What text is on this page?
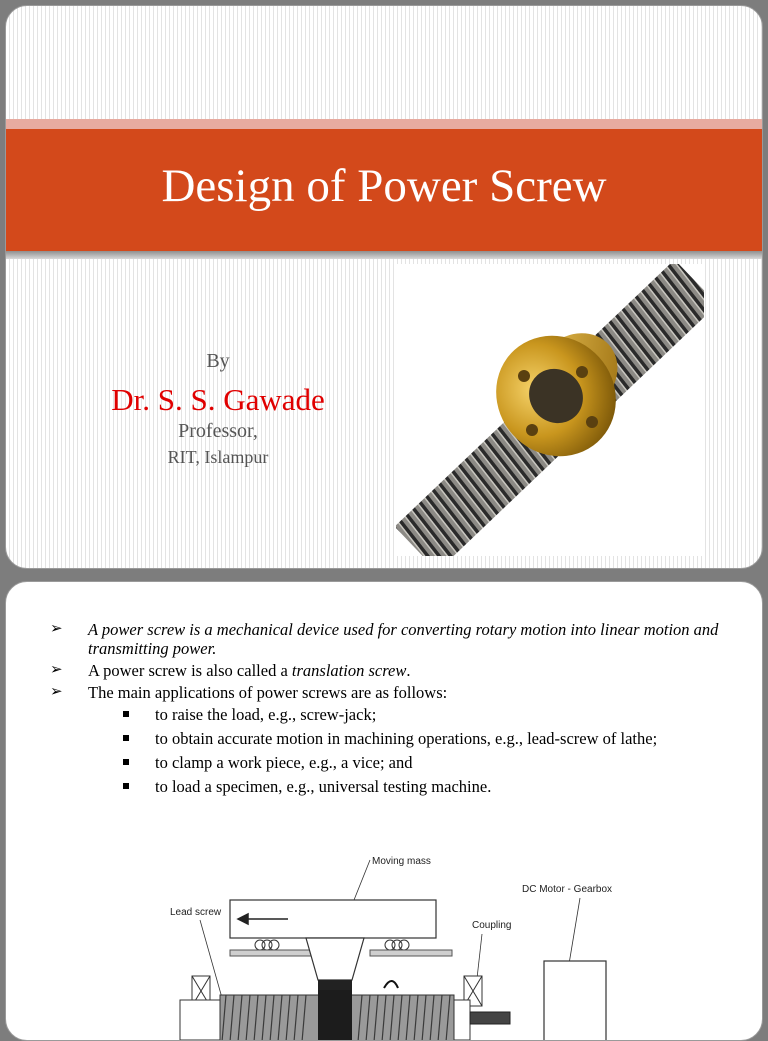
Design of Power Screw
By
Dr. S. S. Gawade
Professor,
RIT, Islampur
➢ A power screw is a mechanical device used for converting rotary motion into linear motion and transmitting power.
➢ A power screw is also called a translation screw.
➢ The main applications of power screws are as follows:
to raise the load, e.g., screw-jack;
to obtain accurate motion in machining operations, e.g., lead-screw of lathe;
to clamp a work piece, e.g., a vice; and
to load a specimen, e.g., universal testing machine.
Moving mass
Lead screw
DC Motor - Gearbox
Coupling
